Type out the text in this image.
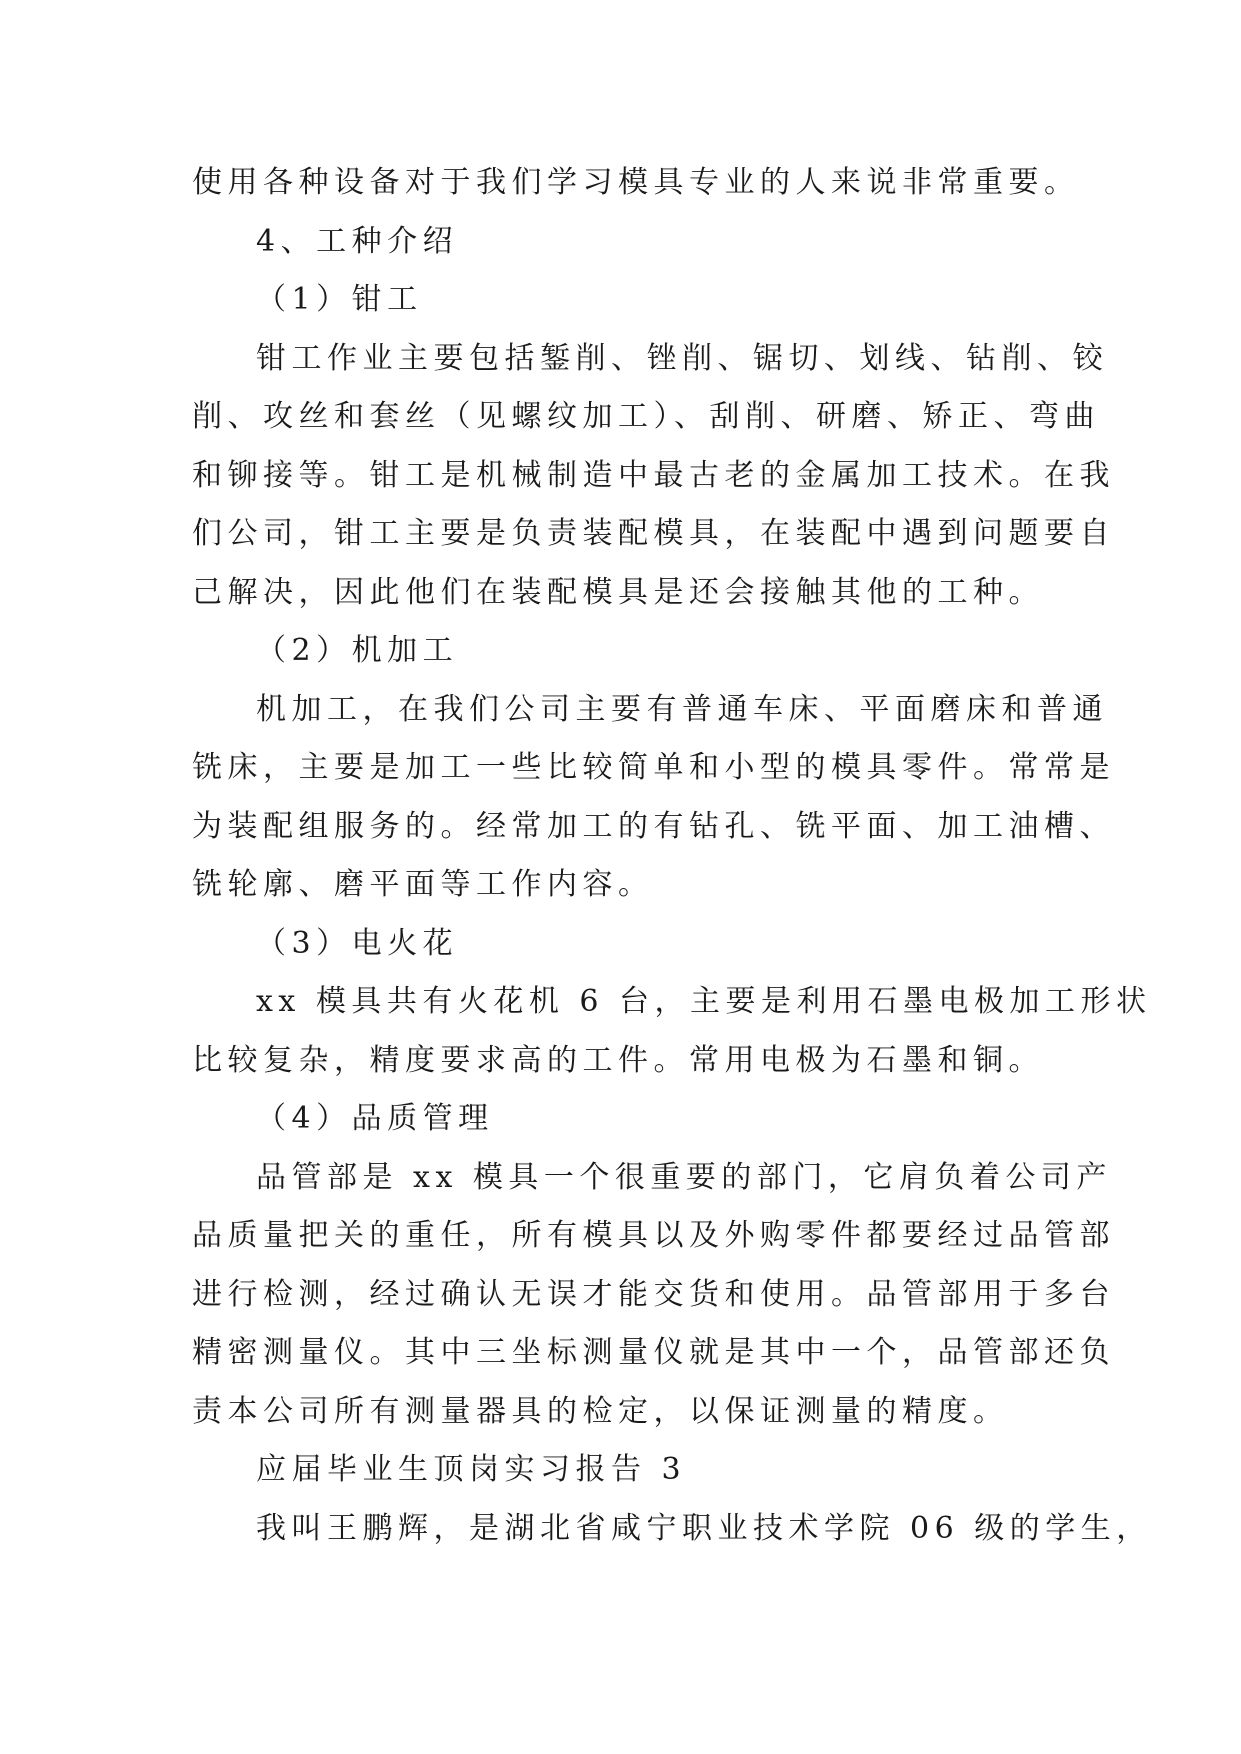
使用各种设备对于我们学习模具专业的人来说非常重要。
4、工种介绍
（1）钳工
钳工作业主要包括錾削、锉削、锯切、划线、钻削、铰
削、攻丝和套丝（见螺纹加工）、刮削、研磨、矫正、弯曲
和铆接等。钳工是机械制造中最古老的金属加工技术。在我
们公司，钳工主要是负责装配模具，在装配中遇到问题要自
己解决，因此他们在装配模具是还会接触其他的工种。
（2）机加工
机加工，在我们公司主要有普通车床、平面磨床和普通
铣床，主要是加工一些比较简单和小型的模具零件。常常是
为装配组服务的。经常加工的有钻孔、铣平面、加工油槽、
铣轮廓、磨平面等工作内容。
（3）电火花
xx 模具共有火花机 6 台，主要是利用石墨电极加工形状
比较复杂，精度要求高的工件。常用电极为石墨和铜。
（4）品质管理
品管部是 xx 模具一个很重要的部门，它肩负着公司产
品质量把关的重任，所有模具以及外购零件都要经过品管部
进行检测，经过确认无误才能交货和使用。品管部用于多台
精密测量仪。其中三坐标测量仪就是其中一个，品管部还负
责本公司所有测量器具的检定，以保证测量的精度。
应届毕业生顶岗实习报告 3
我叫王鹏辉，是湖北省咸宁职业技术学院 06 级的学生，
